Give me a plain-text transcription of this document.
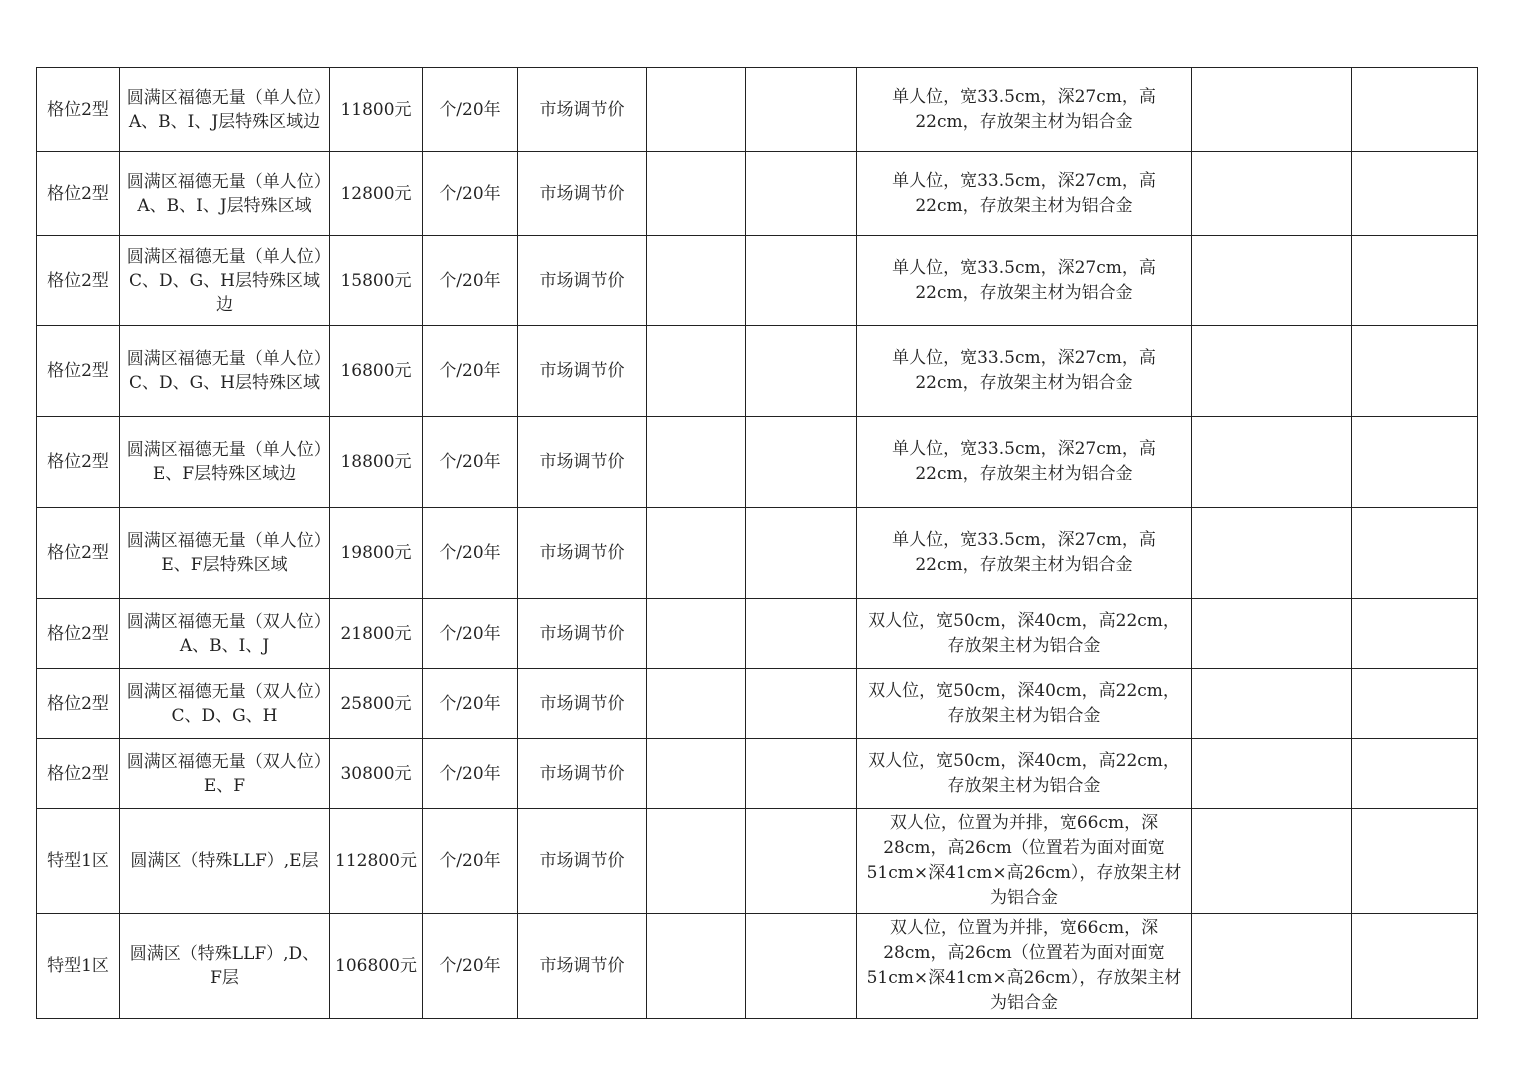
格位2型	圆满区福德无量（单人位）A、B、I、J层特殊区域边	11800元	个/20年	市场调节价			单人位，宽33.5cm，深27cm，高22cm，存放架主材为铝合金		
格位2型	圆满区福德无量（单人位）A、B、I、J层特殊区域	12800元	个/20年	市场调节价			单人位，宽33.5cm，深27cm，高22cm，存放架主材为铝合金		
格位2型	圆满区福德无量（单人位）C、D、G、H层特殊区域边	15800元	个/20年	市场调节价			单人位，宽33.5cm，深27cm，高22cm，存放架主材为铝合金		
格位2型	圆满区福德无量（单人位）C、D、G、H层特殊区域	16800元	个/20年	市场调节价			单人位，宽33.5cm，深27cm，高22cm，存放架主材为铝合金		
格位2型	圆满区福德无量（单人位）E、F层特殊区域边	18800元	个/20年	市场调节价			单人位，宽33.5cm，深27cm，高22cm，存放架主材为铝合金		
格位2型	圆满区福德无量（单人位）E、F层特殊区域	19800元	个/20年	市场调节价			单人位，宽33.5cm，深27cm，高22cm，存放架主材为铝合金		
格位2型	圆满区福德无量（双人位）A、B、I、J	21800元	个/20年	市场调节价			双人位，宽50cm，深40cm，高22cm，存放架主材为铝合金		
格位2型	圆满区福德无量（双人位）C、D、G、H	25800元	个/20年	市场调节价			双人位，宽50cm，深40cm，高22cm，存放架主材为铝合金		
格位2型	圆满区福德无量（双人位）E、F	30800元	个/20年	市场调节价			双人位，宽50cm，深40cm，高22cm，存放架主材为铝合金		
特型1区	圆满区（特殊LLF）,E层	112800元	个/20年	市场调节价			双人位，位置为并排，宽66cm，深28cm，高26cm（位置若为面对面宽51cm×深41cm×高26cm），存放架主材为铝合金		
特型1区	圆满区（特殊LLF）,D、F层	106800元	个/20年	市场调节价			双人位，位置为并排，宽66cm，深28cm，高26cm（位置若为面对面宽51cm×深41cm×高26cm），存放架主材为铝合金		
